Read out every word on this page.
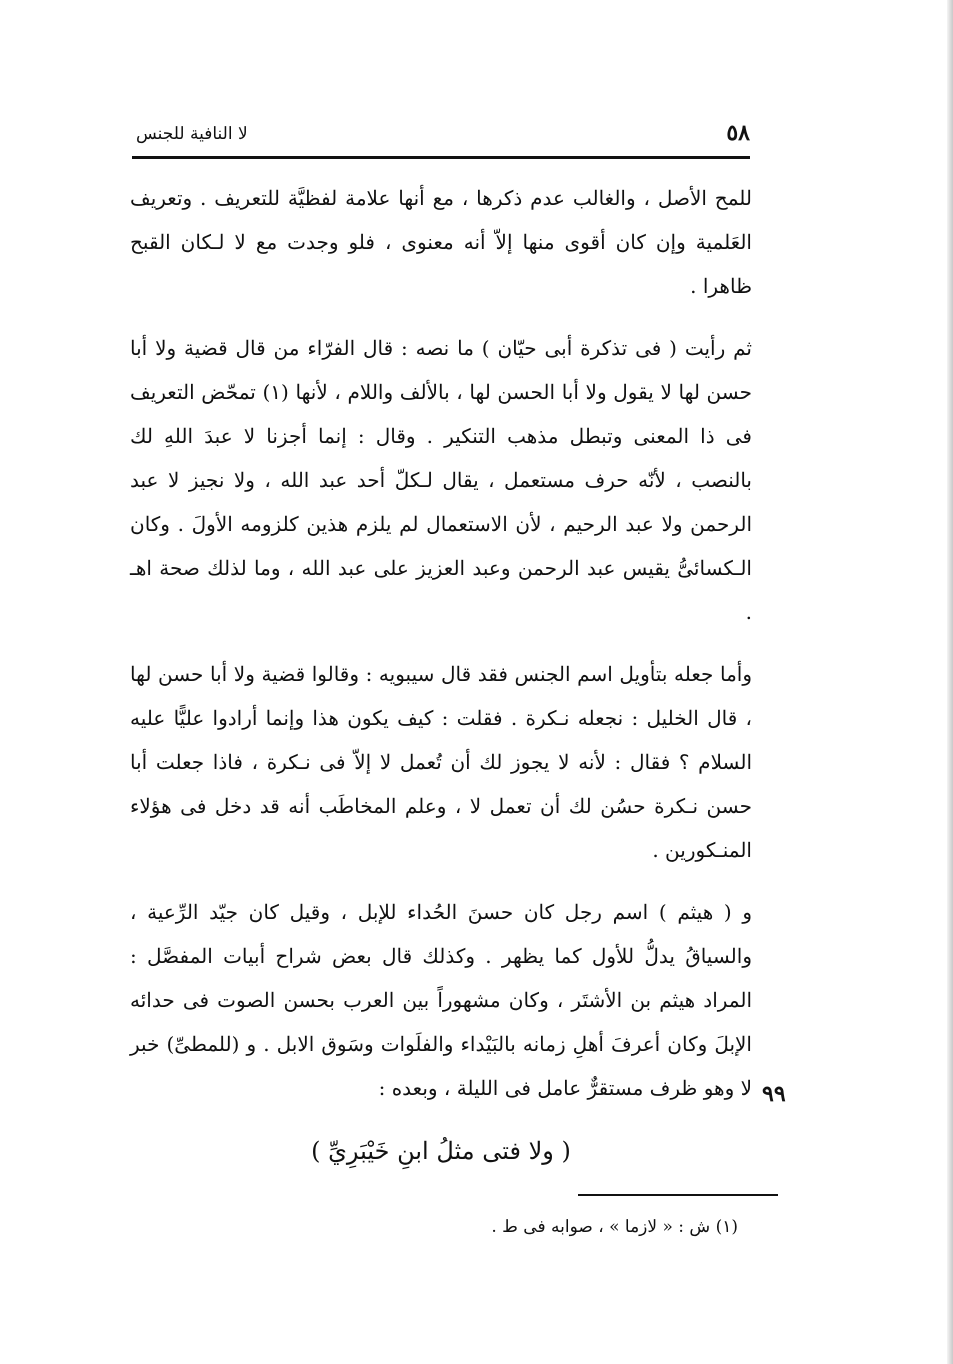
٥٨
لا النافية للجنس

للمح الأصل ، والغالب عدم ذكرها ، مع أنها علامة لفظيَّة للتعريف . وتعريف العَلمية وإن كان أقوى منها إلاّ أنه معنوى ، فلو وجدت مع لا لـكان القبح ظاهرا .

ثم رأيت ( فى تذكرة أبى حيّان ) ما نصه : قال الفرّاء من قال قضية ولا أبا حسن لها لا يقول ولا أبا الحسن لها ، بالألف واللام ، لأنها (١) تمحّض التعريف فى ذا المعنى وتبطل مذهب التنكير . وقال : إنما أجزنا لا عبدَ اللهِ لك بالنصب ، لأنّه حرف مستعمل ، يقال لـكلّ أحد عبد الله ، ولا نجيز لا عبد الرحمن ولا عبد الرحيم ، لأن الاستعمال لم يلزم هذين كلزومه الأولَ . وكان الـكسائىُّ يقيس عبد الرحمن وعبد العزيز على عبد الله ، وما لذلك صحة اهـ .

وأما جعله بتأويل اسم الجنس فقد قال سيبويه : وقالوا قضية ولا أبا حسن لها ، قال الخليل : نجعله نـكرة . فقلت : كيف يكون هذا وإنما أرادوا عليًّا عليه السلام ؟ فقال : لأنه لا يجوز لك أن تُعمل لا إلاّ فى نـكرة ، فاذا جعلت أبا حسن نـكرة حسُن لك أن تعمل لا ، وعلم المخاطَب أنه قد دخل فى هؤلاء المنـكورين .

و ( هيثم ) اسم رجل كان حسنَ الحُداء للإبل ، وقيل كان جيّد الرِّعية ، والسياقُ يدلُّ للأول كما يظهر . وكذلك قال بعض شراح أبيات المفصَّل : المراد هيثم بن الأشتَر ، وكان مشهوراً بين العرب بحسن الصوت فى حدائه الإبلَ وكان أعرفَ أهلِ زمانه بالبَيْداء والفلَوات وسَوق الابل . و (للمطىِّ) خبر لا وهو ظرف مستقرٌّ عامل فى الليلة ، وبعده : ٩٩
( ولا فتى مثلُ ابنِ خَيْبَرِيِّ )
(١) ش : « لازما » ، صوابه فى ط .
